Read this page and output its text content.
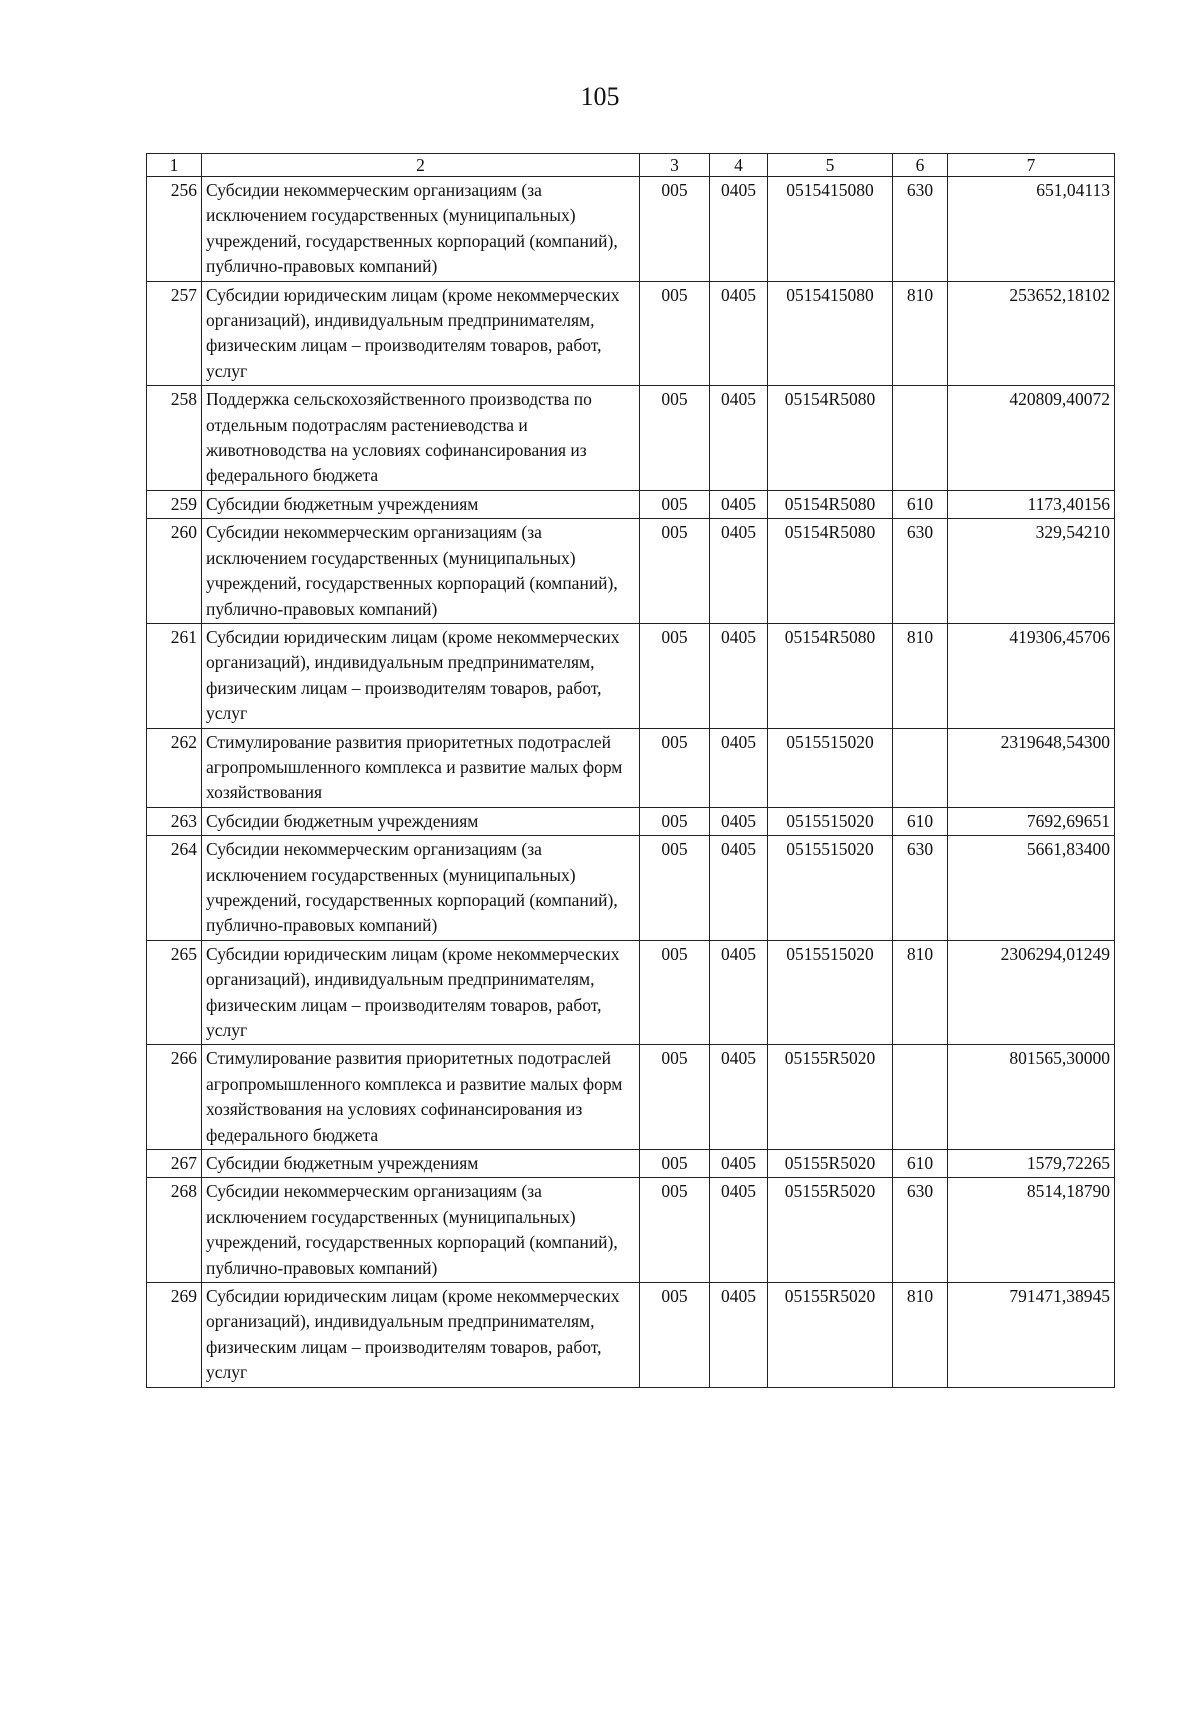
105
1	2	3	4	5	6	7
256	Субсидии некоммерческим организациям (за исключением государственных (муниципальных) учреждений, государственных корпораций (компаний), публично-правовых компаний)	005	0405	0515415080	630	651,04113
257	Субсидии юридическим лицам (кроме некоммерческих организаций), индивидуальным предпринимателям, физическим лицам – производителям товаров, работ, услуг	005	0405	0515415080	810	253652,18102
258	Поддержка сельскохозяйственного производства по отдельным подотраслям растениеводства и животноводства на условиях софинансирования из федерального бюджета	005	0405	05154R5080		420809,40072
259	Субсидии бюджетным учреждениям	005	0405	05154R5080	610	1173,40156
260	Субсидии некоммерческим организациям (за исключением государственных (муниципальных) учреждений, государственных корпораций (компаний), публично-правовых компаний)	005	0405	05154R5080	630	329,54210
261	Субсидии юридическим лицам (кроме некоммерческих организаций), индивидуальным предпринимателям, физическим лицам – производителям товаров, работ, услуг	005	0405	05154R5080	810	419306,45706
262	Стимулирование развития приоритетных подотраслей агропромышленного комплекса и развитие малых форм хозяйствования	005	0405	0515515020		2319648,54300
263	Субсидии бюджетным учреждениям	005	0405	0515515020	610	7692,69651
264	Субсидии некоммерческим организациям (за исключением государственных (муниципальных) учреждений, государственных корпораций (компаний), публично-правовых компаний)	005	0405	0515515020	630	5661,83400
265	Субсидии юридическим лицам (кроме некоммерческих организаций), индивидуальным предпринимателям, физическим лицам – производителям товаров, работ, услуг	005	0405	0515515020	810	2306294,01249
266	Стимулирование развития приоритетных подотраслей агропромышленного комплекса и развитие малых форм хозяйствования на условиях софинансирования из федерального бюджета	005	0405	05155R5020		801565,30000
267	Субсидии бюджетным учреждениям	005	0405	05155R5020	610	1579,72265
268	Субсидии некоммерческим организациям (за исключением государственных (муниципальных) учреждений, государственных корпораций (компаний), публично-правовых компаний)	005	0405	05155R5020	630	8514,18790
269	Субсидии юридическим лицам (кроме некоммерческих организаций), индивидуальным предпринимателям, физическим лицам – производителям товаров, работ, услуг	005	0405	05155R5020	810	791471,38945
